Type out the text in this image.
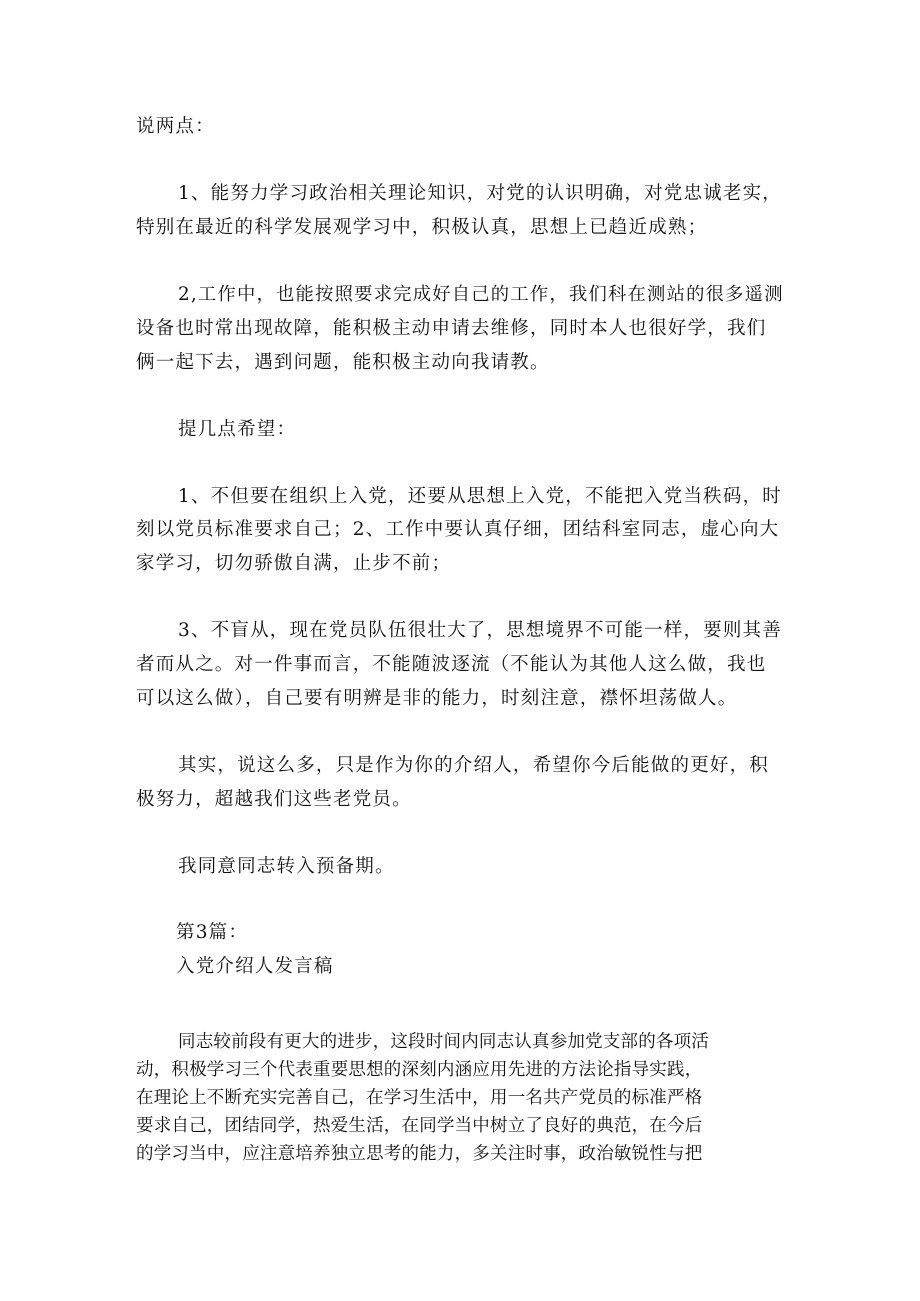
说两点：
1、能努力学习政治相关理论知识，对党的认识明确，对党忠诚老实，
特别在最近的科学发展观学习中，积极认真，思想上已趋近成熟；
2,工作中，也能按照要求完成好自己的工作，我们科在测站的很多遥测
设备也时常出现故障，能积极主动申请去维修，同时本人也很好学，我们
俩一起下去，遇到问题，能积极主动向我请教。
提几点希望：
1、不但要在组织上入党，还要从思想上入党，不能把入党当秩码，时
刻以党员标准要求自己；2、工作中要认真仔细，团结科室同志，虚心向大
家学习，切勿骄傲自满，止步不前；
3、不盲从，现在党员队伍很壮大了，思想境界不可能一样，要则其善
者而从之。对一件事而言，不能随波逐流（不能认为其他人这么做，我也
可以这么做），自己要有明辨是非的能力，时刻注意，襟怀坦荡做人。
其实，说这么多，只是作为你的介绍人，希望你今后能做的更好，积
极努力，超越我们这些老党员。
我同意同志转入预备期。
第3篇：
入党介绍人发言稿
同志较前段有更大的进步，这段时间内同志认真参加党支部的各项活
动，积极学习三个代表重要思想的深刻内涵应用先进的方法论指导实践，
在理论上不断充实完善自己，在学习生活中，用一名共产党员的标准严格
要求自己，团结同学，热爱生活，在同学当中树立了良好的典范，在今后
的学习当中，应注意培养独立思考的能力，多关注时事，政治敏锐性与把
